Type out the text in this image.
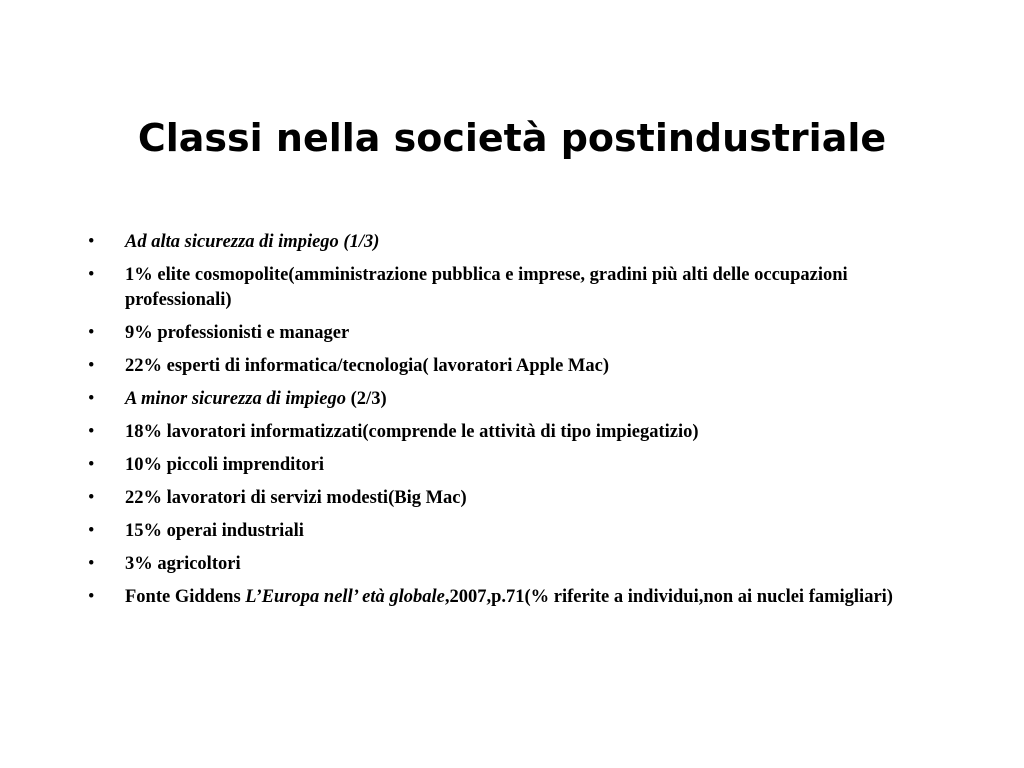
Classi nella società postindustriale
•	Ad alta sicurezza di impiego (1/3)
•	1% elite cosmopolite(amministrazione pubblica e imprese, gradini più alti delle occupazioni professionali)
•	9% professionisti e manager
•	22% esperti di informatica/tecnologia( lavoratori Apple Mac)
•	A minor sicurezza di impiego (2/3)
•	18% lavoratori informatizzati(comprende le attività di tipo impiegatizio)
•	10% piccoli imprenditori
•	22% lavoratori di servizi modesti(Big Mac)
•	15% operai industriali
•	3% agricoltori
•	Fonte Giddens L’Europa nell’ età globale,2007,p.71(% riferite a individui,non ai nuclei famigliari)
